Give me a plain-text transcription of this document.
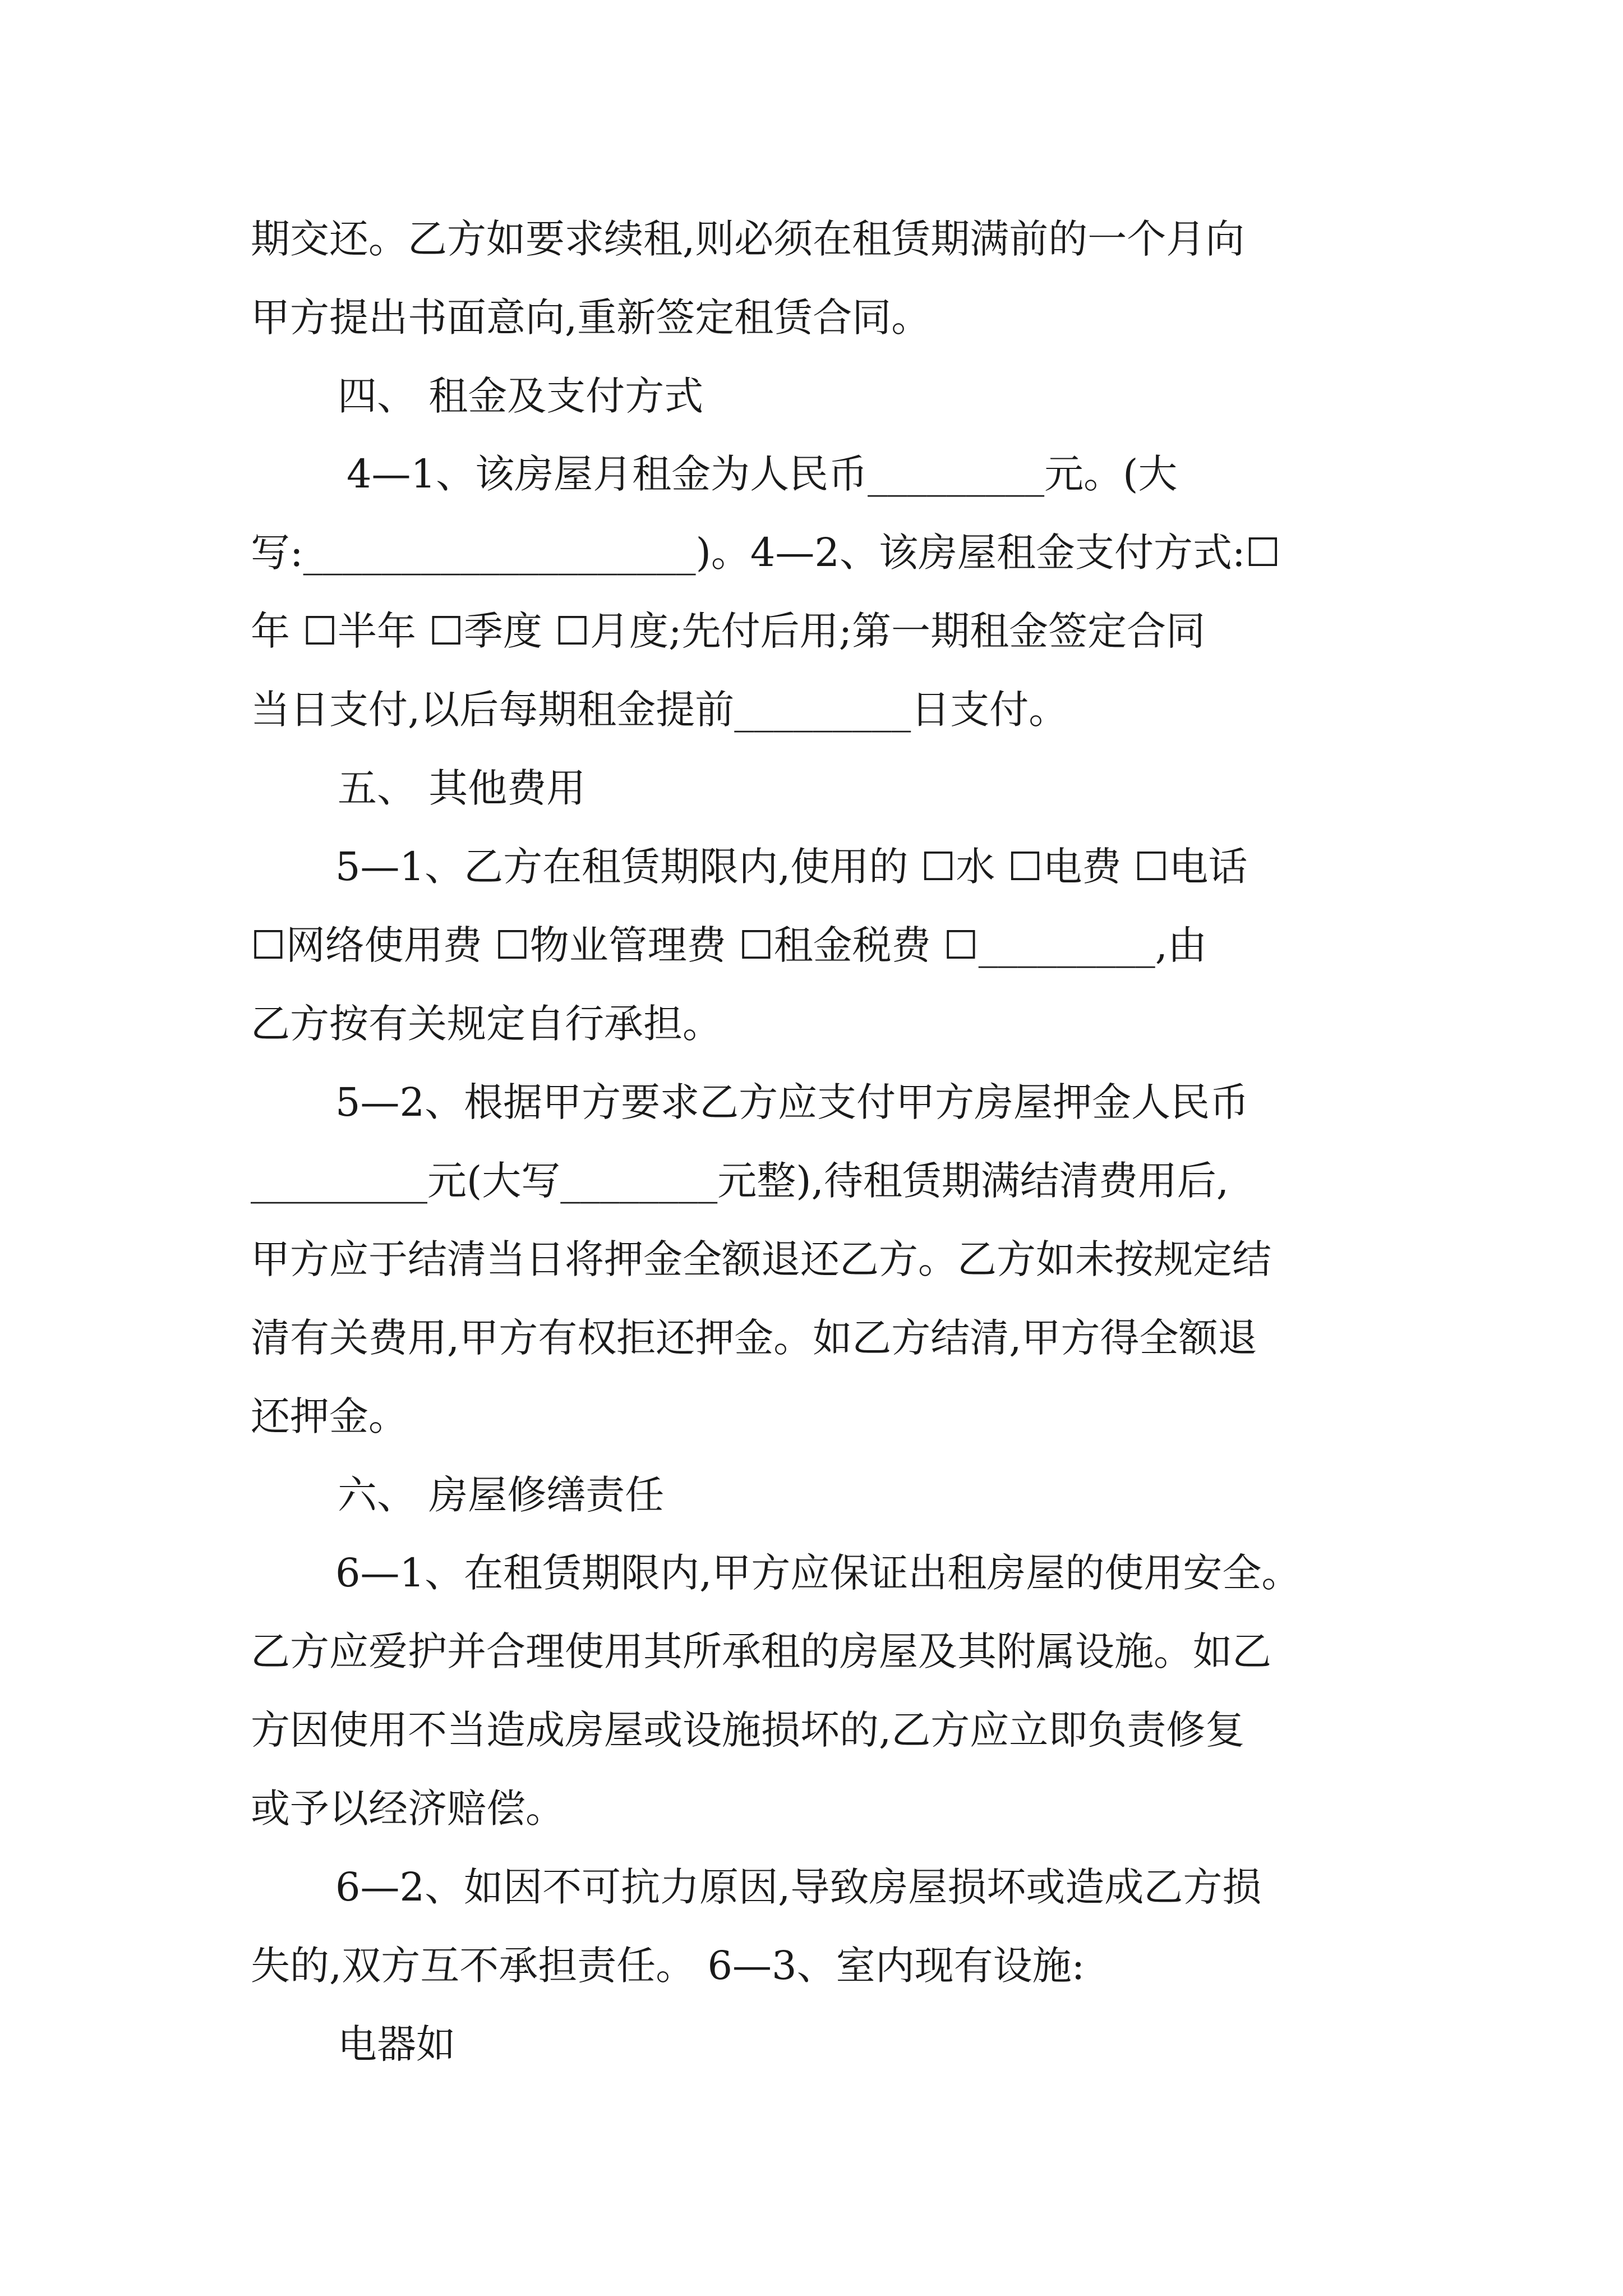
期交还。乙方如要求续租,则必须在租赁期满前的一个月向

甲方提出书面意向,重新签定租赁合同。

四、 租金及支付方式

4—1、该房屋月租金为人民币_________元。(大

写:____________________)。4—2、该房屋租金支付方式:☐

年 ☐半年 ☐季度 ☐月度;先付后用;第一期租金签定合同

当日支付,以后每期租金提前_________日支付。

五、 其他费用

5—1、乙方在租赁期限内,使用的 ☐水 ☐电费 ☐电话

☐网络使用费 ☐物业管理费 ☐租金税费 ☐_________,由

乙方按有关规定自行承担。

5—2、根据甲方要求乙方应支付甲方房屋押金人民币

_________元(大写________元整),待租赁期满结清费用后,

甲方应于结清当日将押金全额退还乙方。乙方如未按规定结

清有关费用,甲方有权拒还押金。如乙方结清,甲方得全额退

还押金。

六、 房屋修缮责任

6—1、在租赁期限内,甲方应保证出租房屋的使用安全。

乙方应爱护并合理使用其所承租的房屋及其附属设施。如乙

方因使用不当造成房屋或设施损坏的,乙方应立即负责修复

或予以经济赔偿。

6—2、如因不可抗力原因,导致房屋损坏或造成乙方损

失的,双方互不承担责任。 6—3、室内现有设施:

电器如
